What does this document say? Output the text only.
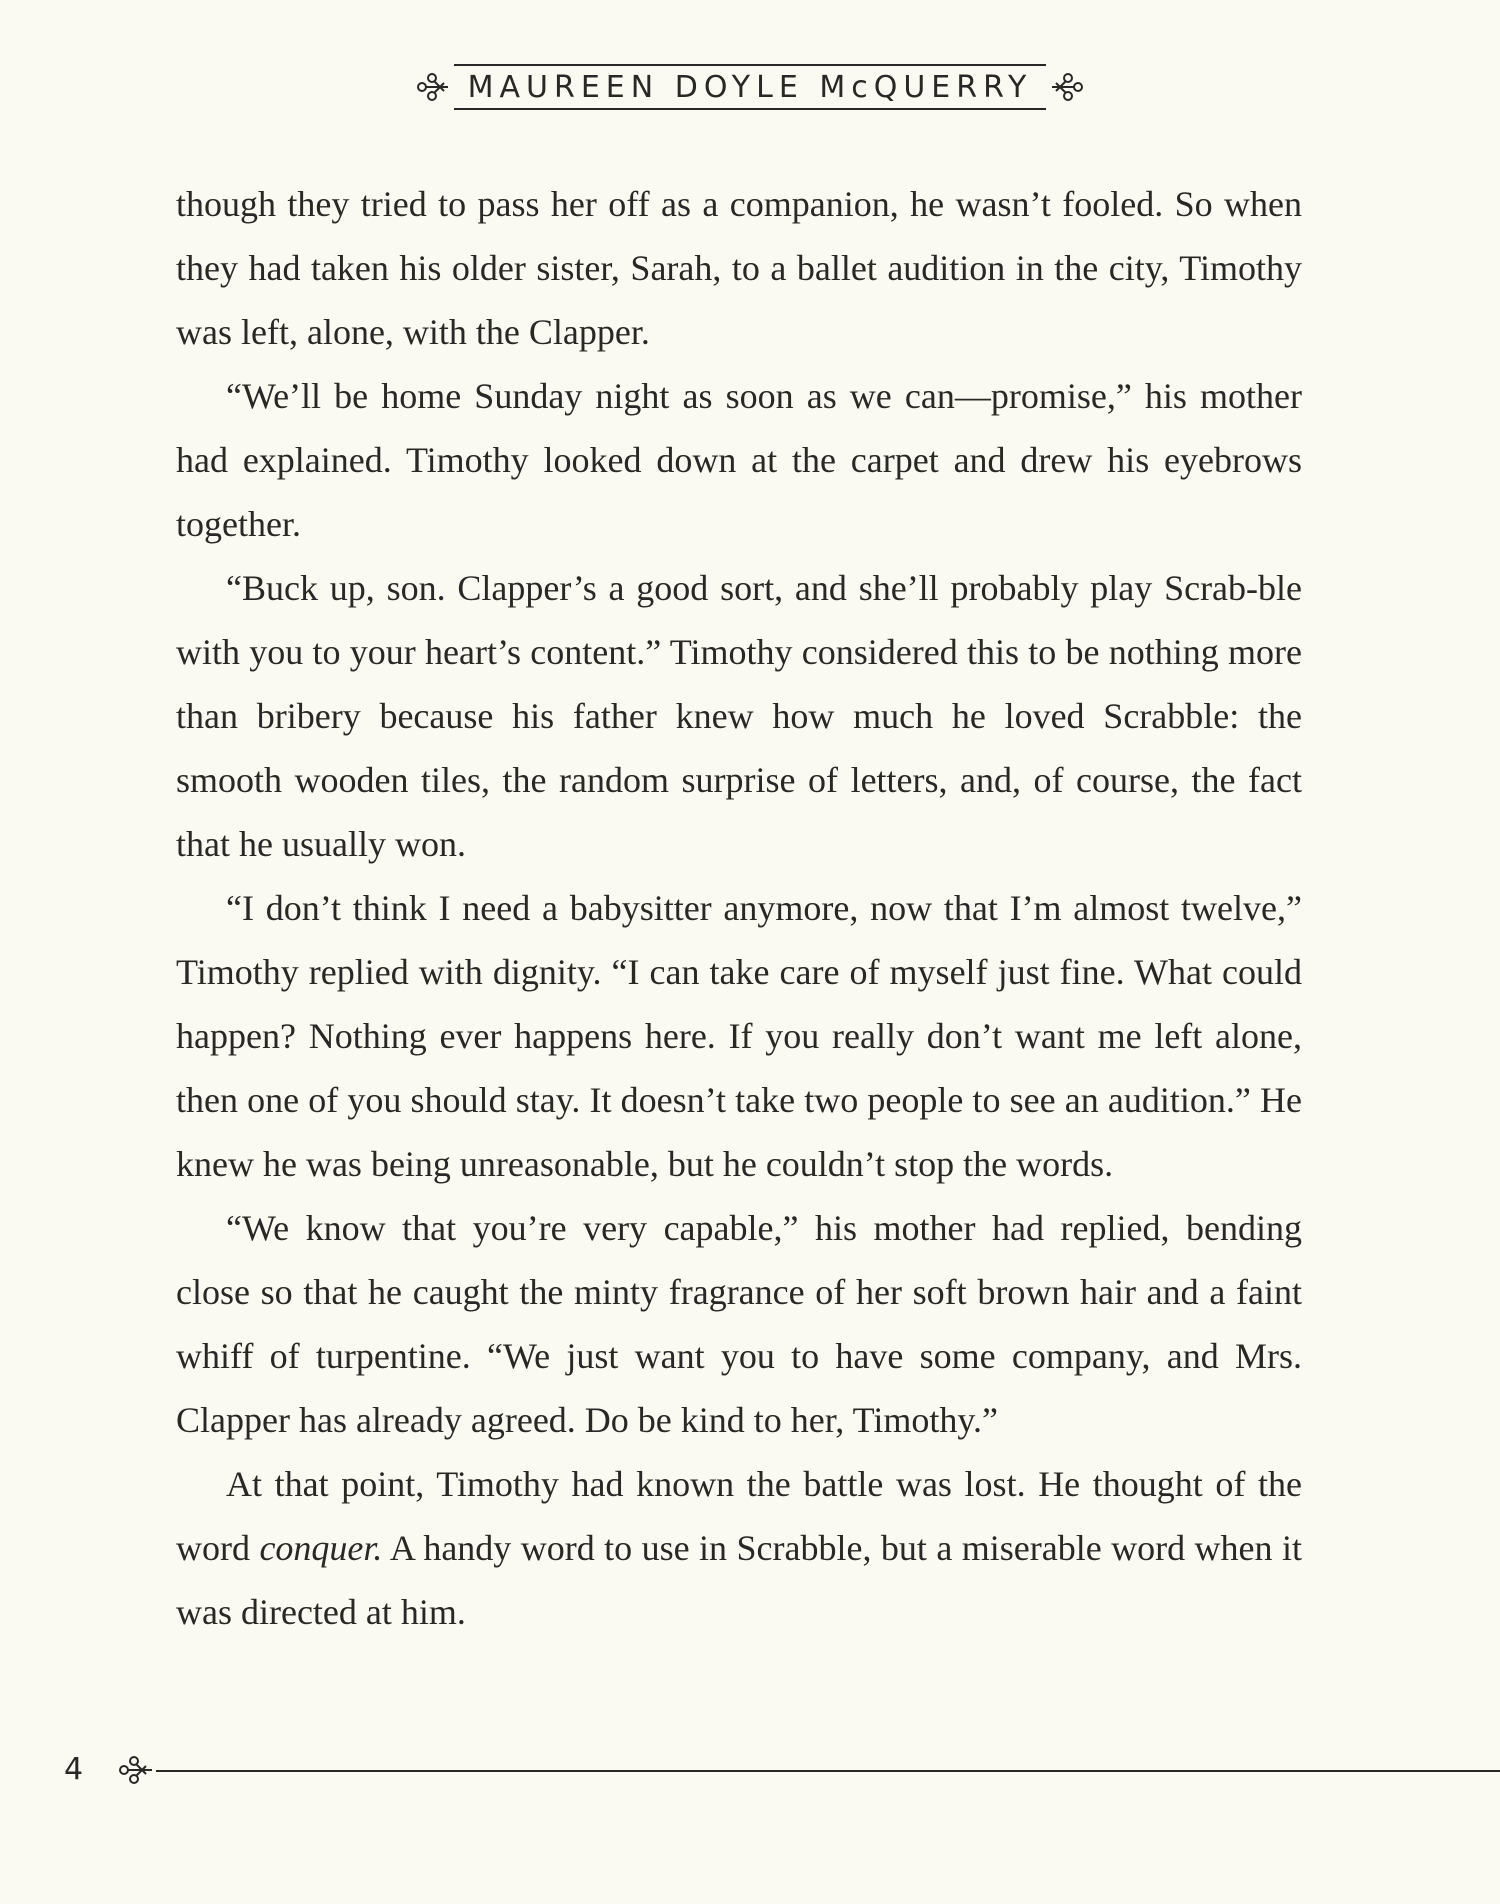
MAUREEN DOYLE McQUERRY

though they tried to pass her off as a companion, he wasn’t fooled. So when they had taken his older sister, Sarah, to a ballet audition in the city, Timothy was left, alone, with the Clapper.

“We’ll be home Sunday night as soon as we can—promise,” his mother had explained. Timothy looked down at the carpet and drew his eyebrows together.

“Buck up, son. Clapper’s a good sort, and she’ll probably play Scrab-ble with you to your heart’s content.” Timothy considered this to be nothing more than bribery because his father knew how much he loved Scrabble: the smooth wooden tiles, the random surprise of letters, and, of course, the fact that he usually won.

“I don’t think I need a babysitter anymore, now that I’m almost twelve,” Timothy replied with dignity. “I can take care of myself just fine. What could happen? Nothing ever happens here. If you really don’t want me left alone, then one of you should stay. It doesn’t take two people to see an audition.” He knew he was being unreasonable, but he couldn’t stop the words.

“We know that you’re very capable,” his mother had replied, bending close so that he caught the minty fragrance of her soft brown hair and a faint whiff of turpentine. “We just want you to have some company, and Mrs. Clapper has already agreed. Do be kind to her, Timothy.”

At that point, Timothy had known the battle was lost. He thought of the word conquer. A handy word to use in Scrabble, but a miserable word when it was directed at him.

4
